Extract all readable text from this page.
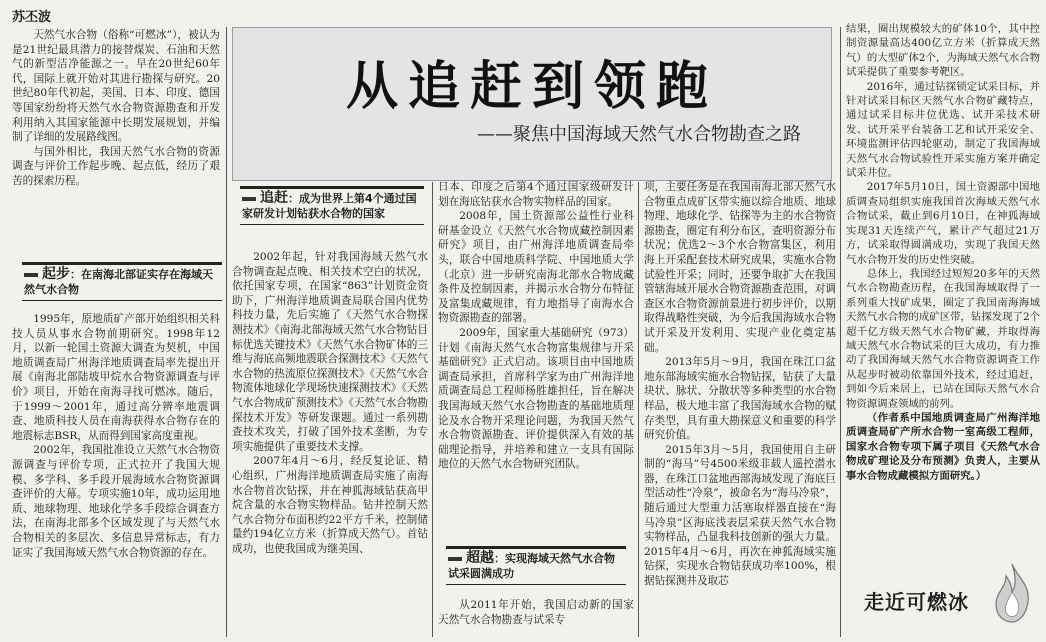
苏丕波

天然气水合物（俗称“可燃冰”），被认为是21世纪最具潜力的接替煤炭、石油和天然气的新型洁净能源之一。早在20世纪60年代，国际上就开始对其进行勘探与研究。20世纪80年代初起，美国、日本、印度、德国等国家纷纷将天然气水合物资源勘查和开发利用纳入其国家能源中长期发展规划，并编制了详细的发展路线图。

与国外相比，我国天然气水合物的资源调查与评价工作起步晚、起点低，经历了艰苦的探索历程。

起步：在南海北部证实存在海域天然气水合物

1995年，原地质矿产部开始组织相关科技人员从事水合物前期研究。1998年12月，以新一轮国土资源大调查为契机，中国地质调查局广州海洋地质调查局率先提出开展《南海北部陆坡甲烷水合物资源调查与评价》项目，开始在南海寻找可燃冰。随后，于1999～2001年，通过高分辨率地震调查、地质科技人员在南海获得水合物存在的地震标志BSR，从而得到国家高度重视。

2002年，我国批准设立天然气水合物资源调查与评价专项，正式拉开了我国大规模、多学科、多手段开展海域水合物资源调查评价的大幕。专项实施10年，成功运用地质、地球物理、地球化学多手段综合调查方法，在南海北部多个区域发现了与天然气水合物相关的多层次、多信息异常标志，有力证实了我国海域天然气水合物资源的存在。

从追赶到领跑
——聚焦中国海域天然气水合物勘查之路
追赶：成为世界上第4个通过国家研发计划钻获水合物的国家

2002年起，针对我国海域天然气水合物调查起点晚、相关技术空白的状况，依托国家专项，在国家“863”计划资金资助下，广州海洋地质调查局联合国内优势科技力量，先后实施了《天然气水合物探测技术》《南海北部海域天然气水合物钻目标优选关键技术》《天然气水合物矿体的三维与海底高频地震联合探测技术》《天然气水合物的热流原位探测技术》《天然气水合物流体地球化学现场快速探测技术》《天然气水合物成矿预测技术》《天然气水合物勘探技术开发》等研发课题。通过一系列勘查技术攻关，打破了国外技术垄断，为专项实施提供了重要技术支撑。

2007年4月～6月，经反复论证、精心组织，广州海洋地质调查局实施了南海水合物首次钻探，并在神狐海域钻获高甲烷含量的水合物实物样品。钻井控制天然气水合物分布面积约22平方千米，控制储量约194亿立方米（折算成天然气）。首钻成功，也使我国成为继美国、

日本、印度之后第4个通过国家级研发计划在海底钻获水合物实物样品的国家。

2008年，国土资源部公益性行业科研基金设立《天然气水合物成藏控制因素研究》项目，由广州海洋地质调查局牵头，联合中国地质科学院、中国地质大学（北京）进一步研究南海北部水合物成藏条件及控制因素，并揭示水合物分布特征及富集成藏规律，有力地指导了南海水合物资源勘查的部署。

2009年，国家重大基础研究（973）计划《南海天然气水合物富集规律与开采基础研究》正式启动。该项目由中国地质调查局承担，首席科学家为由广州海洋地质调查局总工程师杨胜雄担任，旨在解决我国海域天然气水合物勘查的基础地质理论及水合物开采理论问题，为我国天然气水合物资源勘查、评价提供深入有效的基础理论指导，并培养和建立一支具有国际地位的天然气水合物研究团队。

超越：实现海域天然气水合物试采圆满成功

从2011年开始，我国启动新的国家天然气水合物勘查与试采专

项，主要任务是在我国南海北部天然气水合物重点成矿区带实施以综合地质、地球物理、地球化学、钻探等为主的水合物资源勘查，圈定有利分布区，查明资源分布状况；优选2～3个水合物富集区，利用海上开采配套技术研究成果，实施水合物试验性开采；同时，还要争取扩大在我国管辖海域开展水合物资源勘查范围，对调查区水合物资源前景进行初步评价，以期取得战略性突破，为今后我国海域水合物试开采及开发利用、实现产业化奠定基础。

2013年5月～9月，我国在珠江口盆地东部海域实施水合物钻探，钻获了大量块状、脉状、分散状等多种类型的水合物样品，极大地丰富了我国海域水合物的赋存类型，具有重大勘探意义和重要的科学研究价值。

2015年3月～5月，我国使用自主研制的“海马”号4500米级非载人遥控潜水器，在珠江口盆地西部海域发现了海底巨型活动性“冷泉”，被命名为“海马冷泉”，随后通过大型重力活塞取样器直接在“海马冷泉”区海底浅表层采获天然气水合物实物样品，凸显我科技创新的强大力量。2015年4月～6月，再次在神狐海域实施钻探，实现水合物钻获成功率100%，根据钻探测井及取芯

结果，圈出规模较大的矿体10个，其中控制资源量高达400亿立方米（折算成天然气）的大型矿体2个，为海域天然气水合物试采提供了重要参考靶区。

2016年，通过钻探锁定试采目标，并针对试采目标区天然气水合物矿藏特点，通过试采目标井位优选、试开采技术研发、试开采平台装备工艺和试开采安全、环境监测评估四轮驱动，制定了我国海域天然气水合物试验性开采实施方案并确定试采井位。

2017年5月10日，国土资源部中国地质调查局组织实施我国首次海域天然气水合物试采，截止到6月10日，在神狐海域实现31天连续产气，累计产气超过21万方，试采取得圆满成功，实现了我国天然气水合物开发的历史性突破。

总体上，我国经过短短20多年的天然气水合物勘查历程，在我国海域取得了一系列重大找矿成果，圈定了我国南海海域天然气水合物的成矿区带，钻探发现了2个超千亿方级天然气水合物矿藏，并取得海域天然气水合物试采的巨大成功，有力推动了我国海域天然气水合物资源调查工作从起步时被动依靠国外技术，经过追赶，到如今后来居上，已站在国际天然气水合物资源调查领域的前列。

（作者系中国地质调查局广州海洋地质调查局矿产所水合物一室高级工程师，国家水合物专项下属子项目《天然气水合物成矿理论及分布预测》负责人，主要从事水合物成藏模拟方面研究。）

走近可燃冰
